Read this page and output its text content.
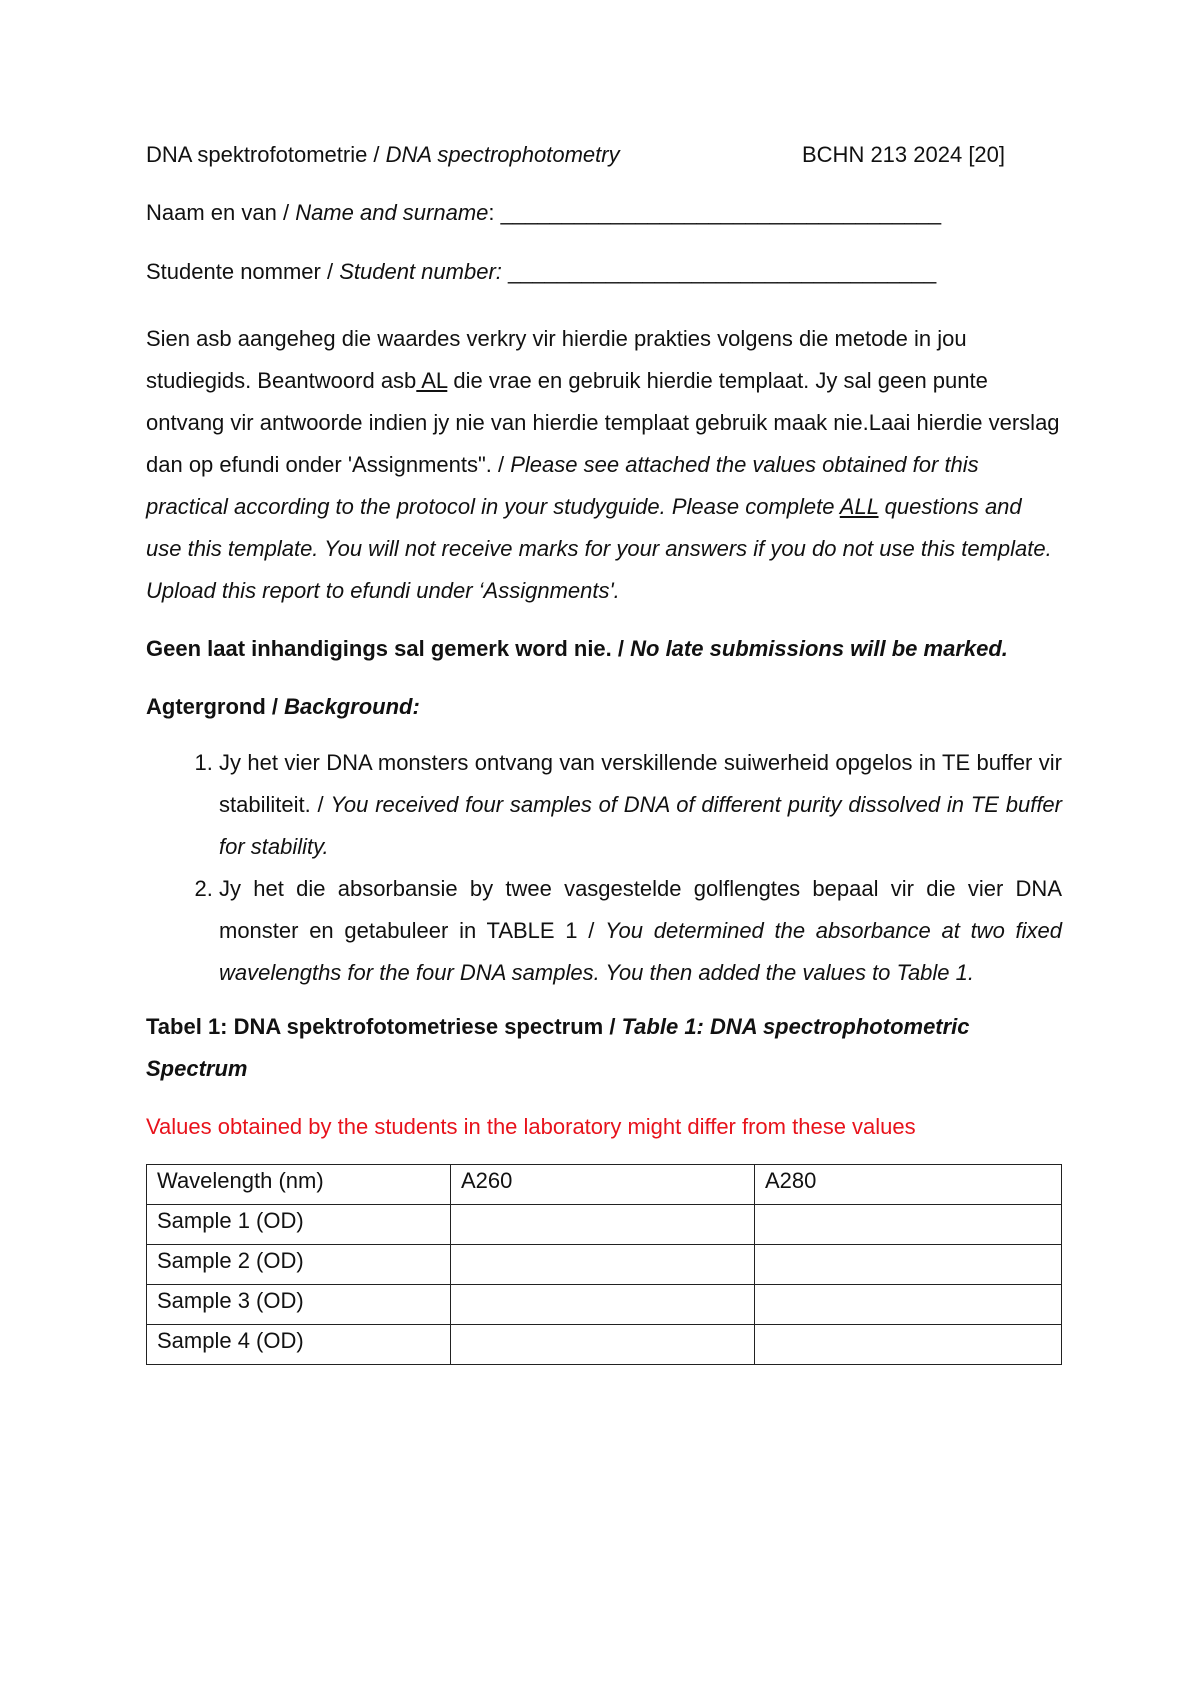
DNA spektrofotometrie / DNA spectrophotometry	BCHN 213 2024 [20]
Naam en van / Name and surname: ____________________________________
Studente nommer / Student number: ___________________________________

Sien asb aangeheg die waardes verkry vir hierdie prakties volgens die metode in jou studiegids. Beantwoord asb AL die vrae en gebruik hierdie templaat. Jy sal geen punte ontvang vir antwoorde indien jy nie van hierdie templaat gebruik maak nie.Laai hierdie verslag dan op efundi onder 'Assignments". / Please see attached the values obtained for this practical according to the protocol in your studyguide. Please complete ALL questions and use this template. You will not receive marks for your answers if you do not use this template. Upload this report to efundi under ‘Assignments'.

Geen laat inhandigings sal gemerk word nie. / No late submissions will be marked.

Agtergrond / Background:

1. Jy het vier DNA monsters ontvang van verskillende suiwerheid opgelos in TE buffer vir stabiliteit. / You received four samples of DNA of different purity dissolved in TE buffer for stability.
2. Jy het die absorbansie by twee vasgestelde golflengtes bepaal vir die vier DNA monster en getabuleer in TABLE 1 / You determined the absorbance at two fixed wavelengths for the four DNA samples. You then added the values to Table 1.

Tabel 1: DNA spektrofotometriese spectrum / Table 1: DNA spectrophotometric Spectrum

Values obtained by the students in the laboratory might differ from these values

Wavelength (nm)	A260	A280
Sample 1 (OD)		
Sample 2 (OD)		
Sample 3 (OD)		
Sample 4 (OD)		
